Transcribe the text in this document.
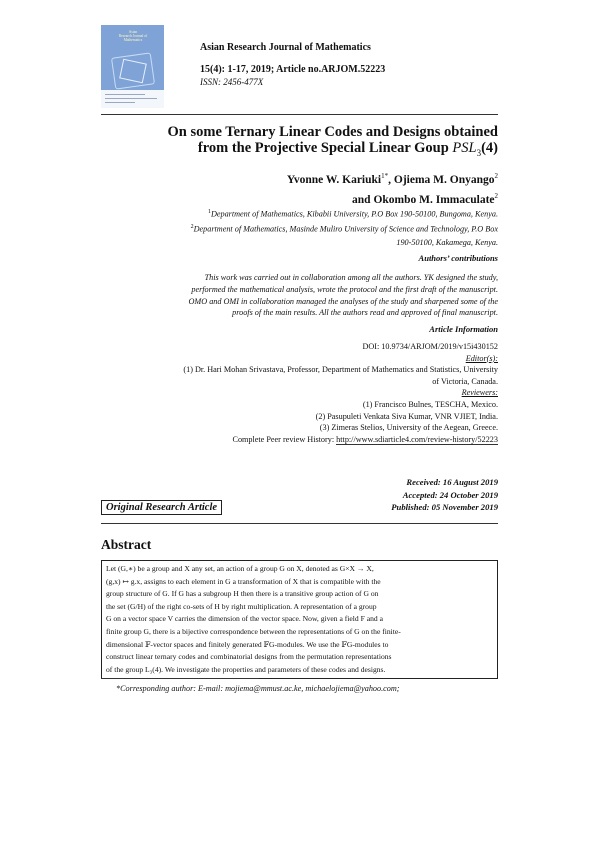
Asian
Research Journal of
Mathematics
Asian Research Journal of Mathematics
15(4): 1-17, 2019; Article no.ARJOM.52223
ISSN: 2456-477X
On some Ternary Linear Codes and Designs obtained
from the Projective Special Linear Goup $PSL_3(4)$
Yvonne W. Kariuki$^{1*}$, Ojiema M. Onyango$^2$
and Okombo M. Immaculate$^2$
$^1$Department of Mathematics, Kibabii University, P.O Box 190-50100, Bungoma, Kenya.
$^2$Department of Mathematics, Masinde Muliro University of Science and Technology, P.O Box
190-50100, Kakamega, Kenya.
Authors’ contributions
This work was carried out in collaboration among all the authors. YK designed the study,
performed the mathematical analysis, wrote the protocol and the first draft of the manuscript.
OMO and OMI in collaboration managed the analyses of the study and sharpened some of the
proofs of the main results. All the authors read and approved of final manuscript.
Article Information
DOI: 10.9734/ARJOM/2019/v15i430152
Editor(s):
(1) Dr. Hari Mohan Srivastava, Professor, Department of Mathematics and Statistics, University
of Victoria, Canada.
Reviewers:
(1) Francisco Bulnes, TESCHA, Mexico.
(2) Pasupuleti Venkata Siva Kumar, VNR VJIET, India.
(3) Zimeras Stelios, University of the Aegean, Greece.
Complete Peer review History: http://www.sdiarticle4.com/review-history/52223
Received: 16 August 2019
Accepted: 24 October 2019
Published: 05 November 2019
Original Research Article
Abstract
Let (G,∗) be a group and X any set, an action of a group G on X, denoted as G×X → X,
(g,x) ↦ g.x, assigns to each element in G a transformation of X that is compatible with the
group structure of G. If G has a subgroup H then there is a transitive group action of G on
the set (G/H) of the right co-sets of H by right multiplication. A representation of a group
G on a vector space V carries the dimension of the vector space. Now, given a field F and a
finite group G, there is a bijective correspondence between the representations of G on the finite-
dimensional 𝔽-vector spaces and finitely generated 𝔽G-modules. We use the 𝔽G-modules to
construct linear ternary codes and combinatorial designs from the permutation representations
of the group L₃(4). We investigate the properties and parameters of these codes and designs.
*Corresponding author: E-mail: mojiema@mmust.ac.ke, michaelojiema@yahoo.com;
